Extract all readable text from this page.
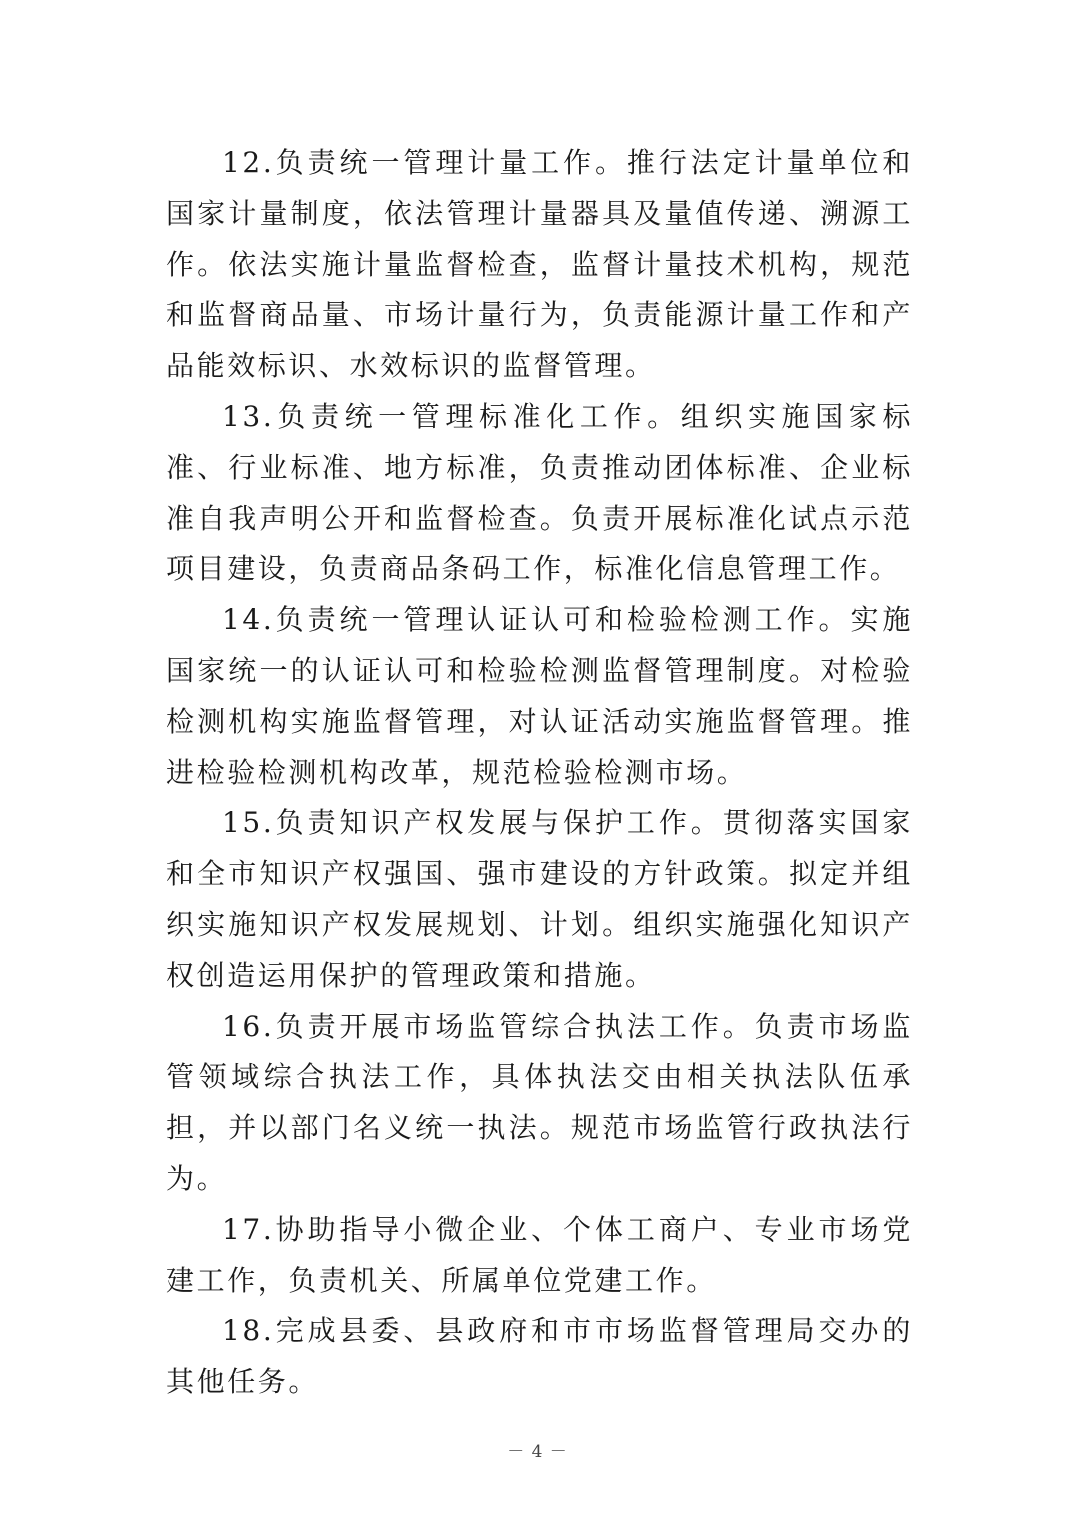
12.负责统一管理计量工作。推行法定计量单位和国家计量制度，依法管理计量器具及量值传递、溯源工作。依法实施计量监督检查，监督计量技术机构，规范和监督商品量、市场计量行为，负责能源计量工作和产品能效标识、水效标识的监督管理。

13.负责统一管理标准化工作。组织实施国家标准、行业标准、地方标准，负责推动团体标准、企业标准自我声明公开和监督检查。负责开展标准化试点示范项目建设，负责商品条码工作，标准化信息管理工作。

14.负责统一管理认证认可和检验检测工作。实施国家统一的认证认可和检验检测监督管理制度。对检验检测机构实施监督管理，对认证活动实施监督管理。推进检验检测机构改革，规范检验检测市场。

15.负责知识产权发展与保护工作。贯彻落实国家和全市知识产权强国、强市建设的方针政策。拟定并组织实施知识产权发展规划、计划。组织实施强化知识产权创造运用保护的管理政策和措施。

16.负责开展市场监管综合执法工作。负责市场监管领域综合执法工作，具体执法交由相关执法队伍承担，并以部门名义统一执法。规范市场监管行政执法行为。

17.协助指导小微企业、个体工商户、专业市场党建工作，负责机关、所属单位党建工作。

18.完成县委、县政府和市市场监督管理局交办的其他任务。

－ 4 －
